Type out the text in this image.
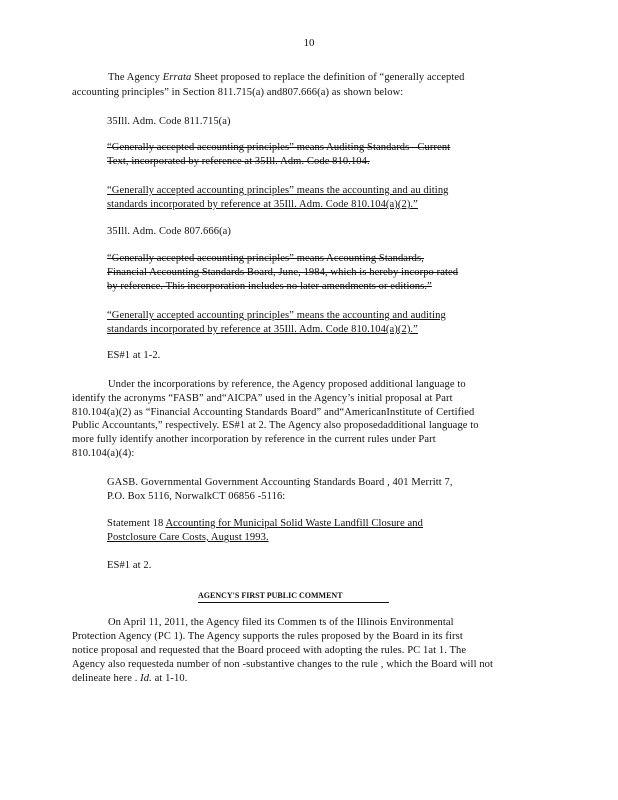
10
The Agency Errata Sheet proposed to replace the definition of “generally accepted
accounting principles” in Section 811.715(a) and807.666(a) as shown below:
35Ill. Adm. Code 811.715(a)
“Generally accepted accounting principles” means Auditing Standards –Current
Text, incorporated by reference at 35Ill. Adm. Code 810.104.
“Generally accepted accounting principles” means the accounting and au diting
standards incorporated by reference at 35Ill. Adm. Code 810.104(a)(2).”
35Ill. Adm. Code 807.666(a)
“Generally accepted accounting principles” means Accounting Standards,
Financial Accounting Standards Board, June, 1984, which is hereby incorpo rated
by reference. This incorporation includes no later amendments or editions.”
“Generally accepted accounting principles” means the accounting and auditing
standards incorporated by reference at 35Ill. Adm. Code 810.104(a)(2).”
ES#1 at 1-2.
Under the incorporations by reference, the Agency proposed additional language to
identify the acronyms “FASB” and“AICPA” used in the Agency’s initial proposal at Part
810.104(a)(2) as “Financial Accounting Standards Board” and“AmericanInstitute of Certified
Public Accountants,” respectively. ES#1 at 2. The Agency also proposedadditional language to
more fully identify another incorporation by reference in the current rules under Part
810.104(a)(4):
GASB. Governmental Government Accounting Standards Board , 401 Merritt 7,
P.O. Box 5116, NorwalkCT 06856 -5116:
Statement 18 Accounting for Municipal Solid Waste Landfill Closure and
Postclosure Care Costs, August 1993.
ES#1 at 2.
AGENCY'S FIRST PUBLIC COMMENT
On April 11, 2011, the Agency filed its Commen ts of the Illinois Environmental
Protection Agency (PC 1). The Agency supports the rules proposed by the Board in its first
notice proposal and requested that the Board proceed with adopting the rules. PC 1at 1. The
Agency also requesteda number of non -substantive changes to the rule , which the Board will not
delineate here . Id. at 1-10.
